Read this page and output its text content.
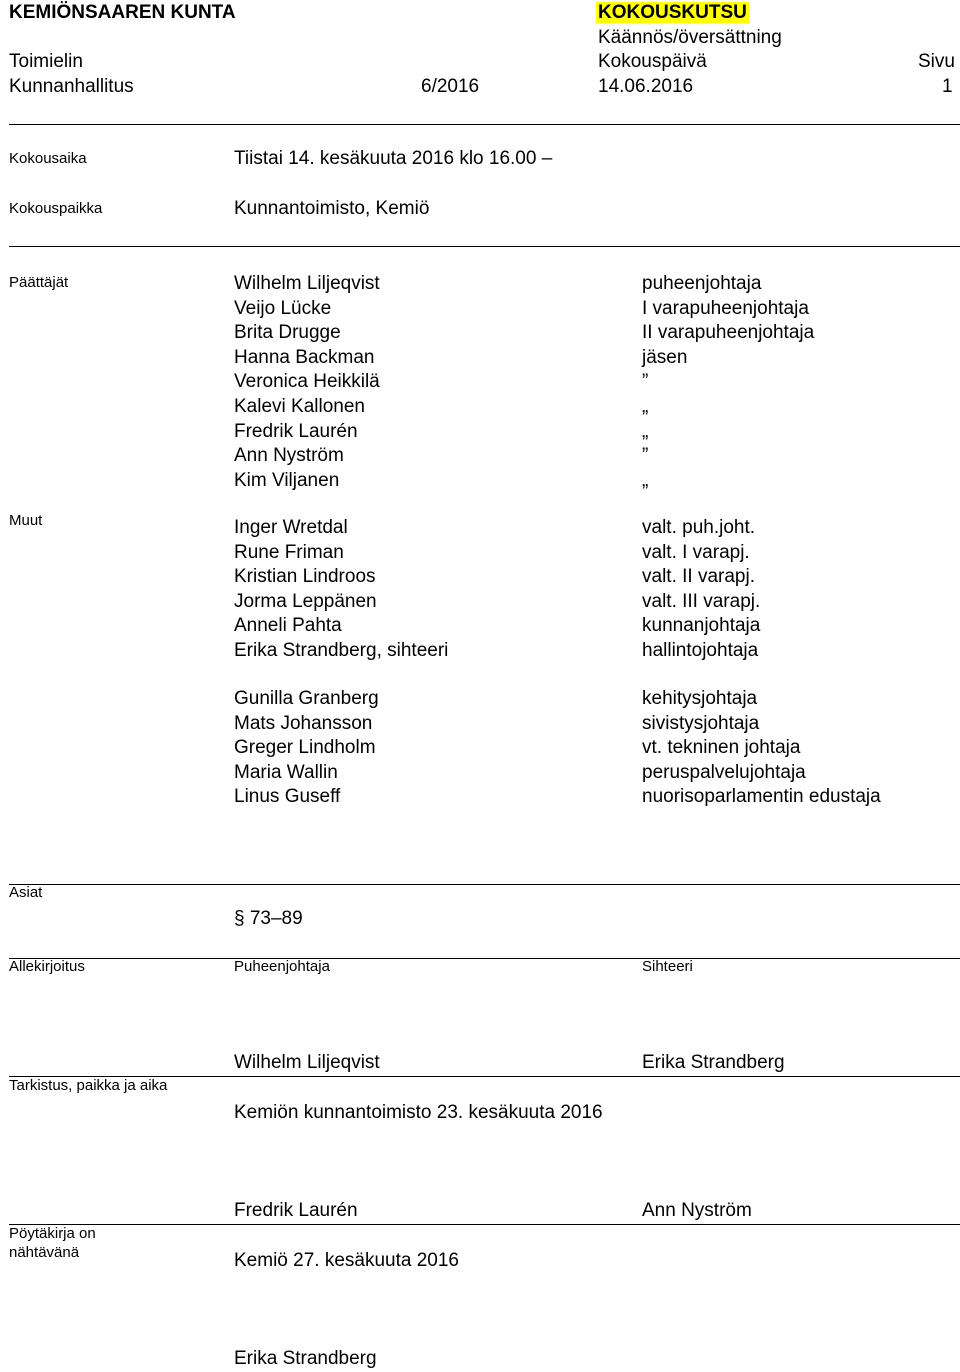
KEMIÖNSAAREN KUNTA	KOKOUSKUTSU
Käännös/översättning
Toimielin	Kokouspäivä	Sivu
Kunnanhallitus	6/2016	14.06.2016	1
Kokousaika	Tiistai 14. kesäkuuta 2016 klo 16.00 –
Kokouspaikka	Kunnantoimisto, Kemiö
Päättäjät	Wilhelm Liljeqvist	puheenjohtaja
Veijo Lücke	I varapuheenjohtaja
Brita Drugge	II varapuheenjohtaja
Hanna Backman	jäsen
Veronica Heikkilä	”
Kalevi Kallonen	„
Fredrik Laurén	„
Ann Nyström	”
Kim Viljanen	„
Muut	Inger Wretdal	valt. puh.joht.
Rune Friman	valt. I varapj.
Kristian Lindroos	valt. II varapj.
Jorma Leppänen	valt. III varapj.
Anneli Pahta	kunnanjohtaja
Erika Strandberg, sihteeri	hallintojohtaja
Gunilla Granberg	kehitysjohtaja
Mats Johansson	sivistysjohtaja
Greger Lindholm	vt. tekninen johtaja
Maria Wallin	peruspalvelujohtaja
Linus Guseff	nuorisoparlamentin edustaja
Asiat
§ 73–89
Allekirjoitus	Puheenjohtaja	Sihteeri
Wilhelm Liljeqvist	Erika Strandberg
Tarkistus, paikka ja aika
Kemiön kunnantoimisto 23. kesäkuuta 2016
Fredrik Laurén	Ann Nyström
Pöytäkirja on
nähtävänä	Kemiö 27. kesäkuuta 2016
Erika Strandberg
